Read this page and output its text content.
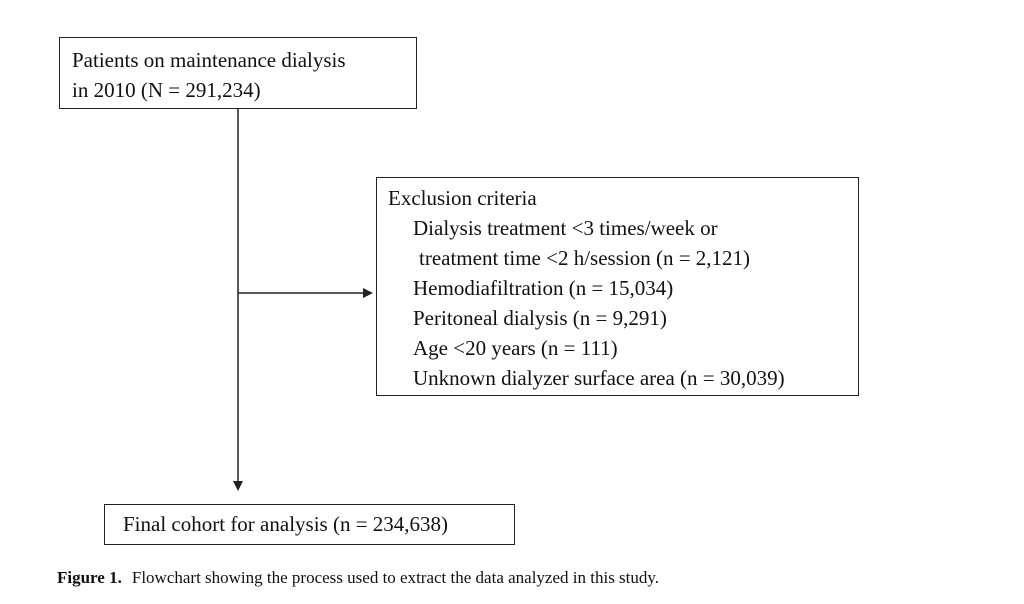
Patients on maintenance dialysis
in 2010 (N = 291,234)
Exclusion criteria
Dialysis treatment <3 times/week or
treatment time <2 h/session (n = 2,121)
Hemodiafiltration (n = 15,034)
Peritoneal dialysis (n = 9,291)
Age <20 years (n = 111)
Unknown dialyzer surface area (n = 30,039)
Final cohort for analysis (n = 234,638)
Figure 1. Flowchart showing the process used to extract the data analyzed in this study.
